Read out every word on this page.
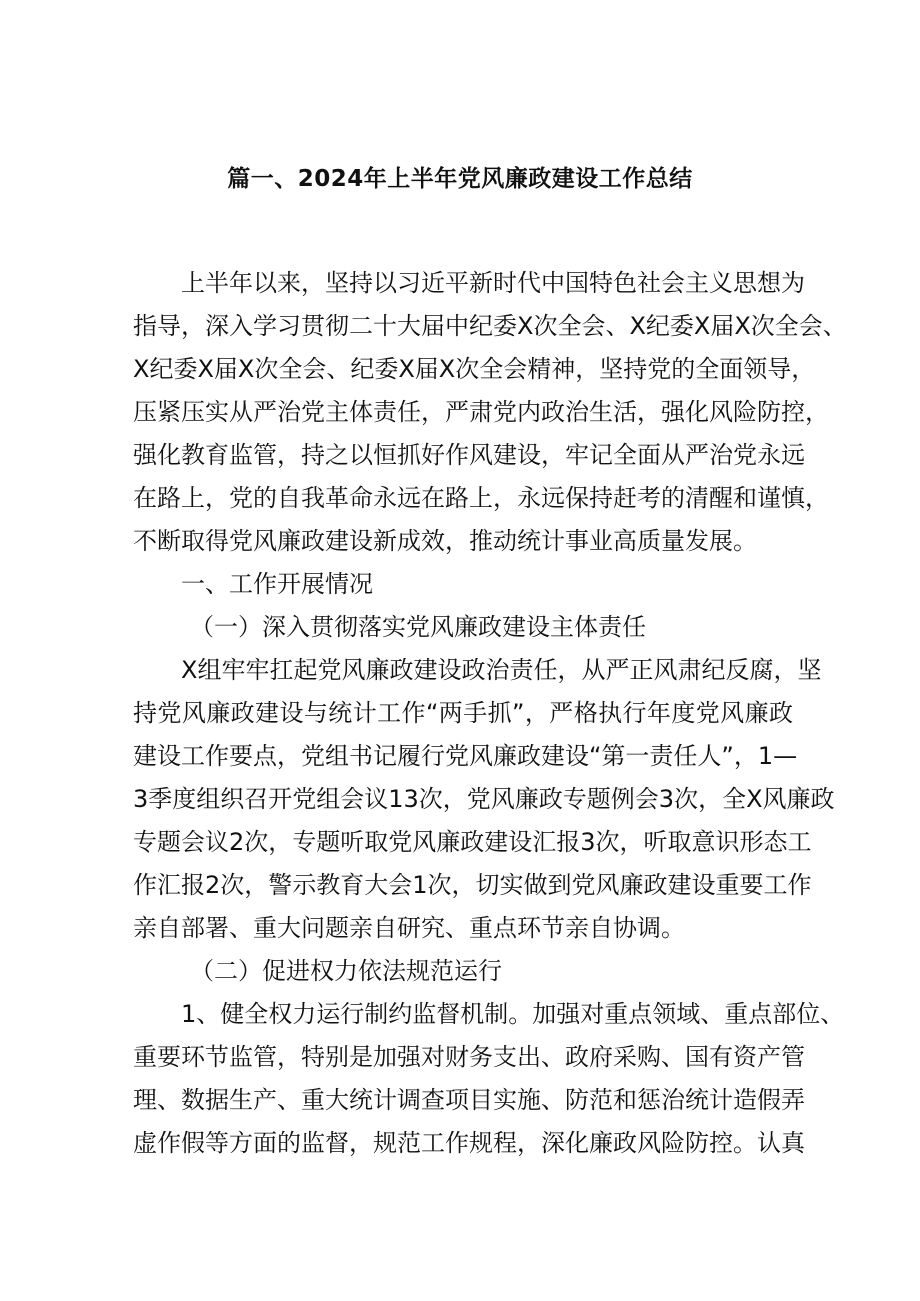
篇一、2024年上半年党风廉政建设工作总结
上半年以来，坚持以习近平新时代中国特色社会主义思想为
指导，深入学习贯彻二十大届中纪委X次全会、X纪委X届X次全会、
X纪委X届X次全会、纪委X届X次全会精神，坚持党的全面领导，
压紧压实从严治党主体责任，严肃党内政治生活，强化风险防控，
强化教育监管，持之以恒抓好作风建设，牢记全面从严治党永远
在路上，党的自我革命永远在路上，永远保持赶考的清醒和谨慎，
不断取得党风廉政建设新成效，推动统计事业高质量发展。
一、工作开展情况
（一）深入贯彻落实党风廉政建设主体责任
X组牢牢扛起党风廉政建设政治责任，从严正风肃纪反腐，坚
持党风廉政建设与统计工作“两手抓”，严格执行年度党风廉政
建设工作要点，党组书记履行党风廉政建设“第一责任人”，1—
3季度组织召开党组会议13次，党风廉政专题例会3次，全X风廉政
专题会议2次，专题听取党风廉政建设汇报3次，听取意识形态工
作汇报2次，警示教育大会1次，切实做到党风廉政建设重要工作
亲自部署、重大问题亲自研究、重点环节亲自协调。
（二）促进权力依法规范运行
1、健全权力运行制约监督机制。加强对重点领域、重点部位、
重要环节监管，特别是加强对财务支出、政府采购、国有资产管
理、数据生产、重大统计调查项目实施、防范和惩治统计造假弄
虚作假等方面的监督，规范工作规程，深化廉政风险防控。认真
